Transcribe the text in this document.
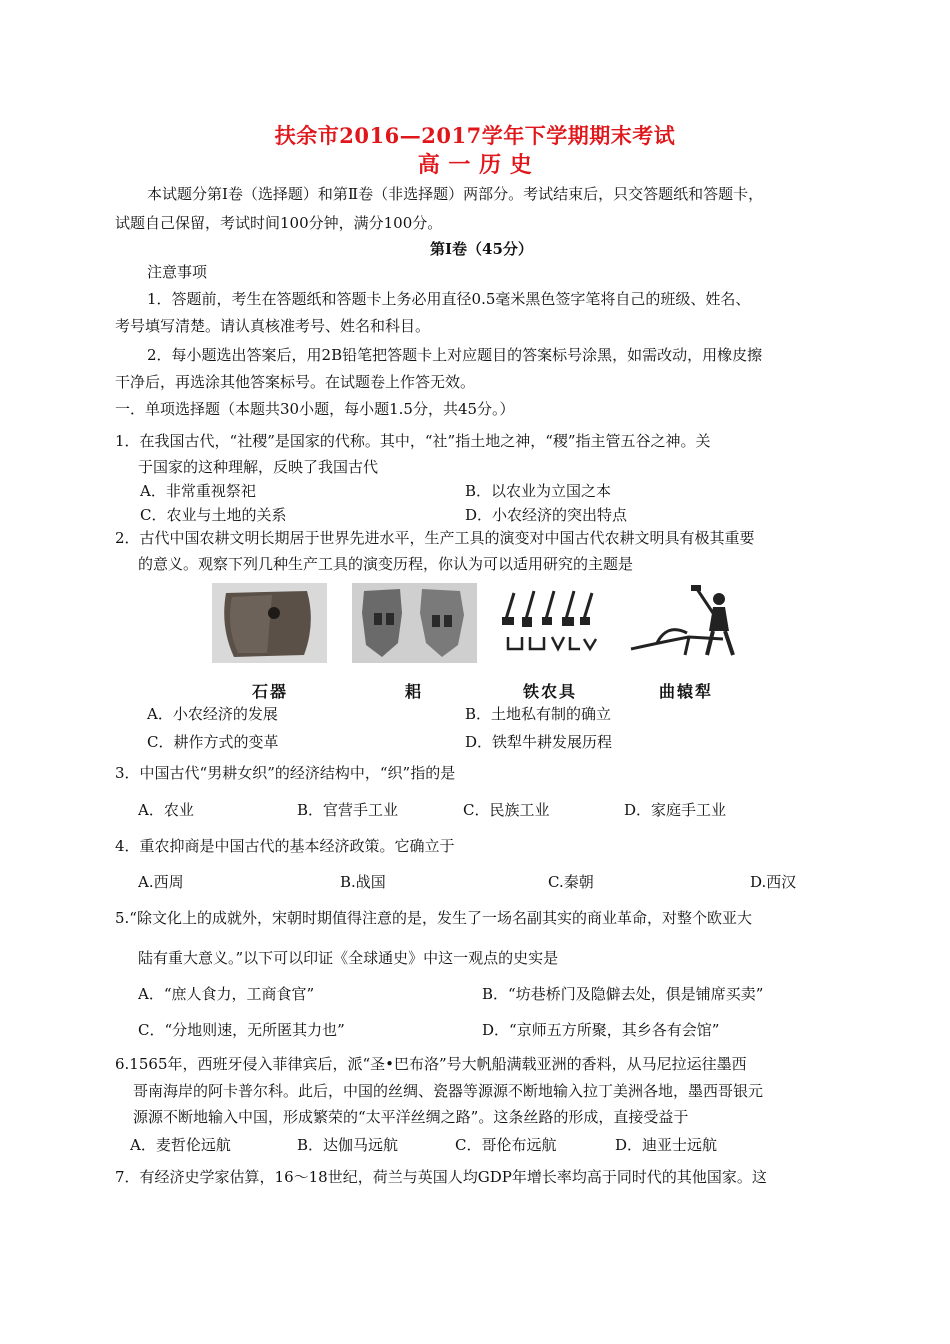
扶余市2016—2017学年下学期期末考试
高 一 历 史
本试题分第Ⅰ卷（选择题）和第Ⅱ卷（非选择题）两部分。考试结束后，只交答题纸和答题卡，
试题自己保留，考试时间100分钟，满分100分。
第Ⅰ卷（45分）
注意事项
1．答题前，考生在答题纸和答题卡上务必用直径0.5毫米黑色签字笔将自己的班级、姓名、
考号填写清楚。请认真核准考号、姓名和科目。
2．每小题选出答案后，用2B铅笔把答题卡上对应题目的答案标号涂黑，如需改动，用橡皮擦
干净后，再选涂其他答案标号。在试题卷上作答无效。
一．单项选择题（本题共30小题，每小题1.5分，共45分。）
1．在我国古代，“社稷”是国家的代称。其中，“社”指土地之神，“稷”指主管五谷之神。关
于国家的这种理解，反映了我国古代
A．非常重视祭祀	B．以农业为立国之本
C．农业与土地的关系	D．小农经济的突出特点
2．古代中国农耕文明长期居于世界先进水平，生产工具的演变对中国古代农耕文明具有极其重要
的意义。观察下列几种生产工具的演变历程，你认为可以适用研究的主题是
石器	耜	铁农具	曲辕犁
A．小农经济的发展	B．土地私有制的确立
C．耕作方式的变革	D．铁犁牛耕发展历程
3．中国古代“男耕女织”的经济结构中，“织”指的是
A．农业	B．官营手工业	C．民族工业	D．家庭手工业
4．重农抑商是中国古代的基本经济政策。它确立于
A.西周	B.战国	C.秦朝	D.西汉
5.“除文化上的成就外，宋朝时期值得注意的是，发生了一场名副其实的商业革命，对整个欧亚大
陆有重大意义。”以下可以印证《全球通史》中这一观点的史实是
A．“庶人食力，工商食官”	B．“坊巷桥门及隐僻去处，俱是铺席买卖”
C．“分地则速，无所匿其力也”	D．“京师五方所聚，其乡各有会馆”
6.1565年，西班牙侵入菲律宾后，派“圣•巴布洛”号大帆船满载亚洲的香料，从马尼拉运往墨西
哥南海岸的阿卡普尔科。此后，中国的丝绸、瓷器等源源不断地输入拉丁美洲各地，墨西哥银元
源源不断地输入中国，形成繁荣的“太平洋丝绸之路”。这条丝路的形成，直接受益于
A．麦哲伦远航	B．达伽马远航	C．哥伦布远航	D．迪亚士远航
7．有经济史学家估算，16～18世纪，荷兰与英国人均GDP年增长率均高于同时代的其他国家。这
